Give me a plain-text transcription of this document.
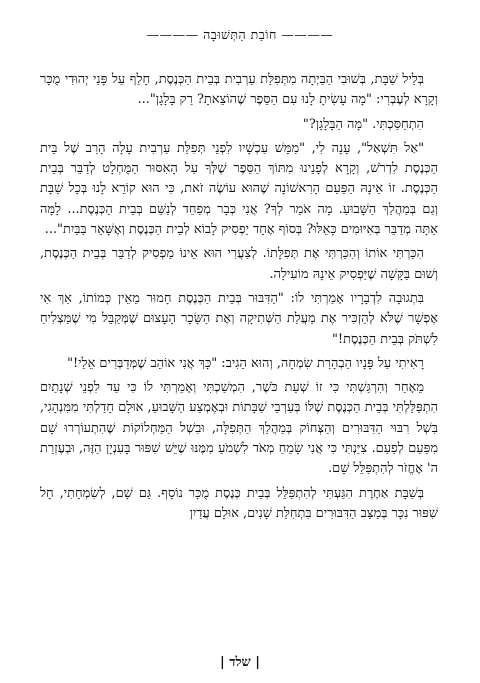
———— חוֹבַת הַתְּשׁוּבָה ————

בְּלֵיל שַׁבָּת, בְּשׁוּבִי הַבַּיְתָה מִתְּפִלַּת עַרְבִית בְּבֵית הַכְּנֶסֶת, חָלַף עַל פָּנַי יְהוּדִי מֻכָּר וְקָרָא לְעֶבְרִי: "מָה עָשִׂיתָ לָנוּ עִם הַסֵּפֶר שֶׁהוֹצֵאתָ? רַק בָּלָגָן"...

הִתְחַסַּכְתִּי. "מָה הַבָּלָגָן?"

"אַל תִּשְׁאַל", עָנָה לִי, "מַמָּשׁ עַכְשָׁיו לִפְנֵי תְּפִלַּת עַרְבִית עָלָה הָרַב שֶׁל בֵּית הַכְּנֶסֶת לִדְרֹשׁ, וְקָרָא לְפָנֵינוּ מִתּוֹךְ הַסֵּפֶר שֶׁלְּךָ עַל הָאִסּוּר הַמֻּחְלָט לְדַבֵּר בְּבֵית הַכְּנֶסֶת. זוֹ אֵינָהּ הַפַּעַם הָרִאשׁוֹנָה שֶׁהוּא עוֹשֶׂה זֹאת, כִּי הוּא קוֹרֵא לָנוּ בְּכָל שַׁבָּת וְגַם בְּמַהֲלַךְ הַשָּׁבוּעַ. מָה אֹמַר לְךָ? אֲנִי כְּבָר מְפַחֵד לְנַשֵּׁם בְּבֵית הַכְּנֶסֶת... לָמָּה אַתָּה מְדַבֵּר בְּאִיּוּמִים כָּאֵלּוּ? בְּסוֹף אֶחָד יַפְסִיק לָבוֹא לְבֵית הַכְּנֶסֶת וְאֶשָּׁאֵר בַּבַּיִת"...

הִכַּרְתִּי אוֹתוֹ וְהִכַּרְתִּי אֶת תְּפִלָּתוֹ. לְצַעֲרִי הוּא אֵינוֹ מַפְסִיק לְדַבֵּר בְּבֵית הַכְּנֶסֶת, וְשׁוּם בַּקָּשָׁה שֶׁיַּפְסִיק אֵינָהּ מוֹעִילָה.

בִּתְגוּבָה לִדְבָרָיו אָמַרְתִּי לוֹ: "הַדִּבּוּר בְּבֵית הַכְּנֶסֶת חָמוּר מֵאֵין כְּמוֹתוֹ, אַךְ אִי אֶפְשָׁר שֶׁלֹּא לְהַזְכִּיר אֶת מַעֲלַת הַשְּׁתִיקָה וְאֶת הַשָּׂכָר הָעָצוּם שֶׁמְּקַבֵּל מִי שֶׁמַּצְלִיחַ לִשְׁתֹּק בְּבֵית הַכְּנֶסֶת!"

רָאִיתִי עַל פָּנָיו הַבְהָרַת שִׂמְחָה, וְהוּא הֵגִיב: "כָּךְ אֲנִי אוֹהֵב שֶׁמְּדַבְּרִים אֵלַי!"

מֵאָחַר וְהִרְגַּשְׁתִּי כִּי זוֹ שְׁעַת כֹּשֶׁר, הִמְשַׁכְתִּי וְאָמַרְתִּי לוֹ כִּי עַד לִפְנֵי שְׁנָתַיִם הִתְפַּלַּלְתִּי בְּבֵית הַכְּנֶסֶת שֶׁלּוֹ בְּעַרְבֵי שַׁבָּתוֹת וּבְאֶמְצַע הַשָּׁבוּעַ, אוּלָם חָדַלְתִּי מִמִּנְהָגִי, בִּשְׁל רִבּוּי הַדִּבּוּרִים וְהַצְּחוֹק בְּמַהֲלַךְ הַתְּפִלָּה, וּבִשְׁל הַמַּחְלוֹקוֹת שֶׁהִתְעוֹרְרוּ שָׁם מִפַּעַם לְפַעַם. צִיַּנְתִּי כִּי אֲנִי שָׂמֵחַ מְאֹד לִשְׁמֹעַ מִמֶּנּוּ שֶׁיֵּשׁ שִׁפּוּר בָּעִנְיָן הַזֶּה, וּבְעֶזְרַת ה' אֶחֱזֹר לְהִתְפַּלֵּל שָׁם.

בְּשַׁבָּת אַחֶרֶת הִגַּעְתִּי לְהִתְפַּלֵּל בְּבֵית כְּנֶסֶת מֻכָּר נוֹסָף. גַּם שָׁם, לְשִׂמְחָתִי, חָל שִׁפּוּר נִכָּר בְּמַצַּב הַדִּבּוּרִים בִּתְחִלַּת שָׁנִים, אוּלָם עֲדַיִן

| שלד |
